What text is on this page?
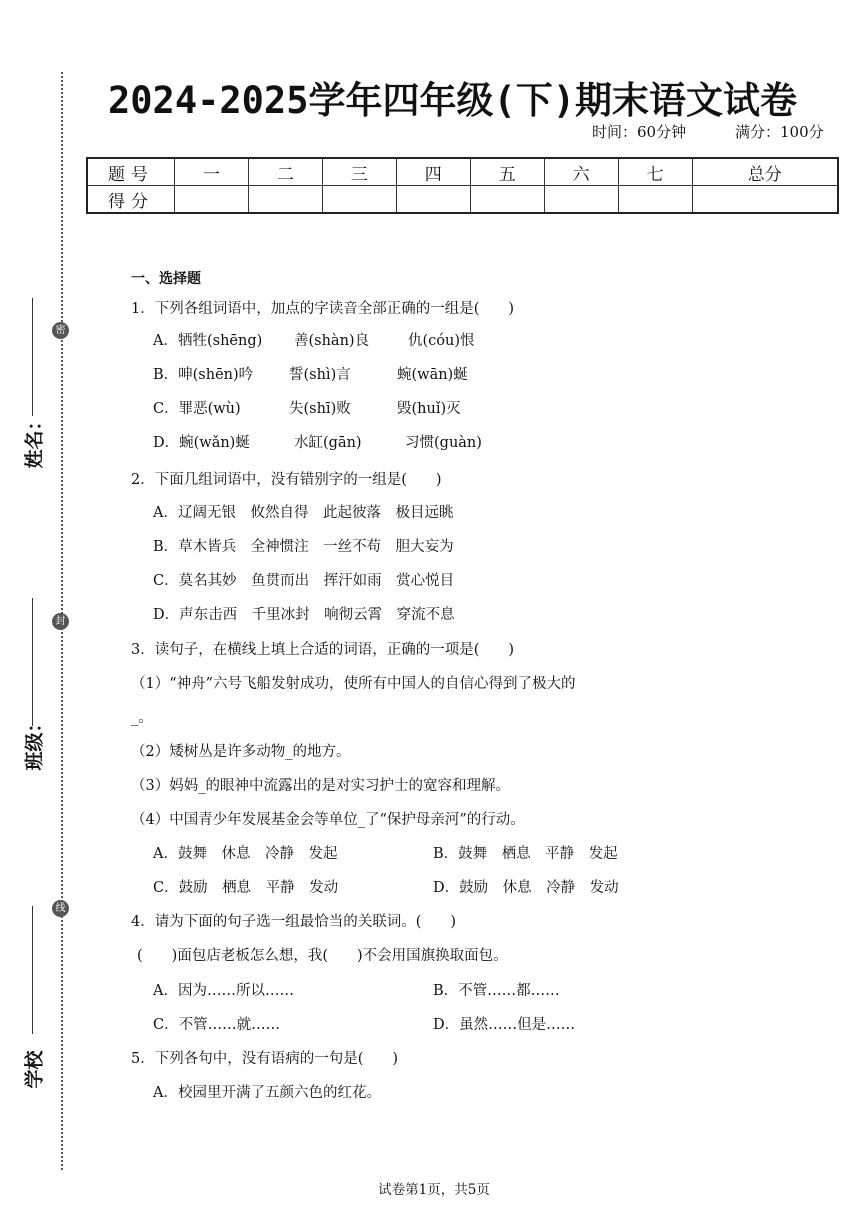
密
封
线
姓名：
班级：
学校
2024-2025学年四年级(下)期末语文试卷
时间：60分钟	满分：100分
题号	一	二	三	四	五	六	七	总分
得分								
一、选择题
1．下列各组词语中，加点的字读音全部正确的一组是(　　)
A．牺牲(shēng) 善(shàn)良	仇(cóu)恨
B．呻(shēn)吟 誓(shì)言	蜿(wān)蜒
C．罪恶(wù)	失(shī)败	毁(huǐ)灭
D．蜿(wǎn)蜒	水缸(gān)	习惯(guàn)
2．下面几组词语中，没有错别字的一组是(　　)
A．辽阔无银　攸然自得　此起彼落　极目远眺
B．草木皆兵　全神惯注　一丝不苟　胆大妄为
C．莫名其妙　鱼贯而出　挥汗如雨　赏心悦目
D．声东击西　千里冰封　响彻云霄　穿流不息
3．读句子，在横线上填上合适的词语，正确的一项是(　　)
（1）“神舟”六号飞船发射成功，使所有中国人的自信心得到了极大的
_。
（2）矮树丛是许多动物_的地方。
（3）妈妈_的眼神中流露出的是对实习护士的宽容和理解。
（4）中国青少年发展基金会等单位_了“保护母亲河”的行动。
A．鼓舞　休息　冷静　发起	B．鼓舞　栖息　平静　发起
C．鼓励　栖息　平静　发动	D．鼓励　休息　冷静　发动
4．请为下面的句子选一组最恰当的关联词。(　　)
(　　)面包店老板怎么想，我(　　)不会用国旗换取面包。
A．因为……所以……	B．不管……都……
C．不管……就……	D．虽然……但是……
5．下列各句中，没有语病的一句是(　　)
A．校园里开满了五颜六色的红花。
试卷第1页，共5页
